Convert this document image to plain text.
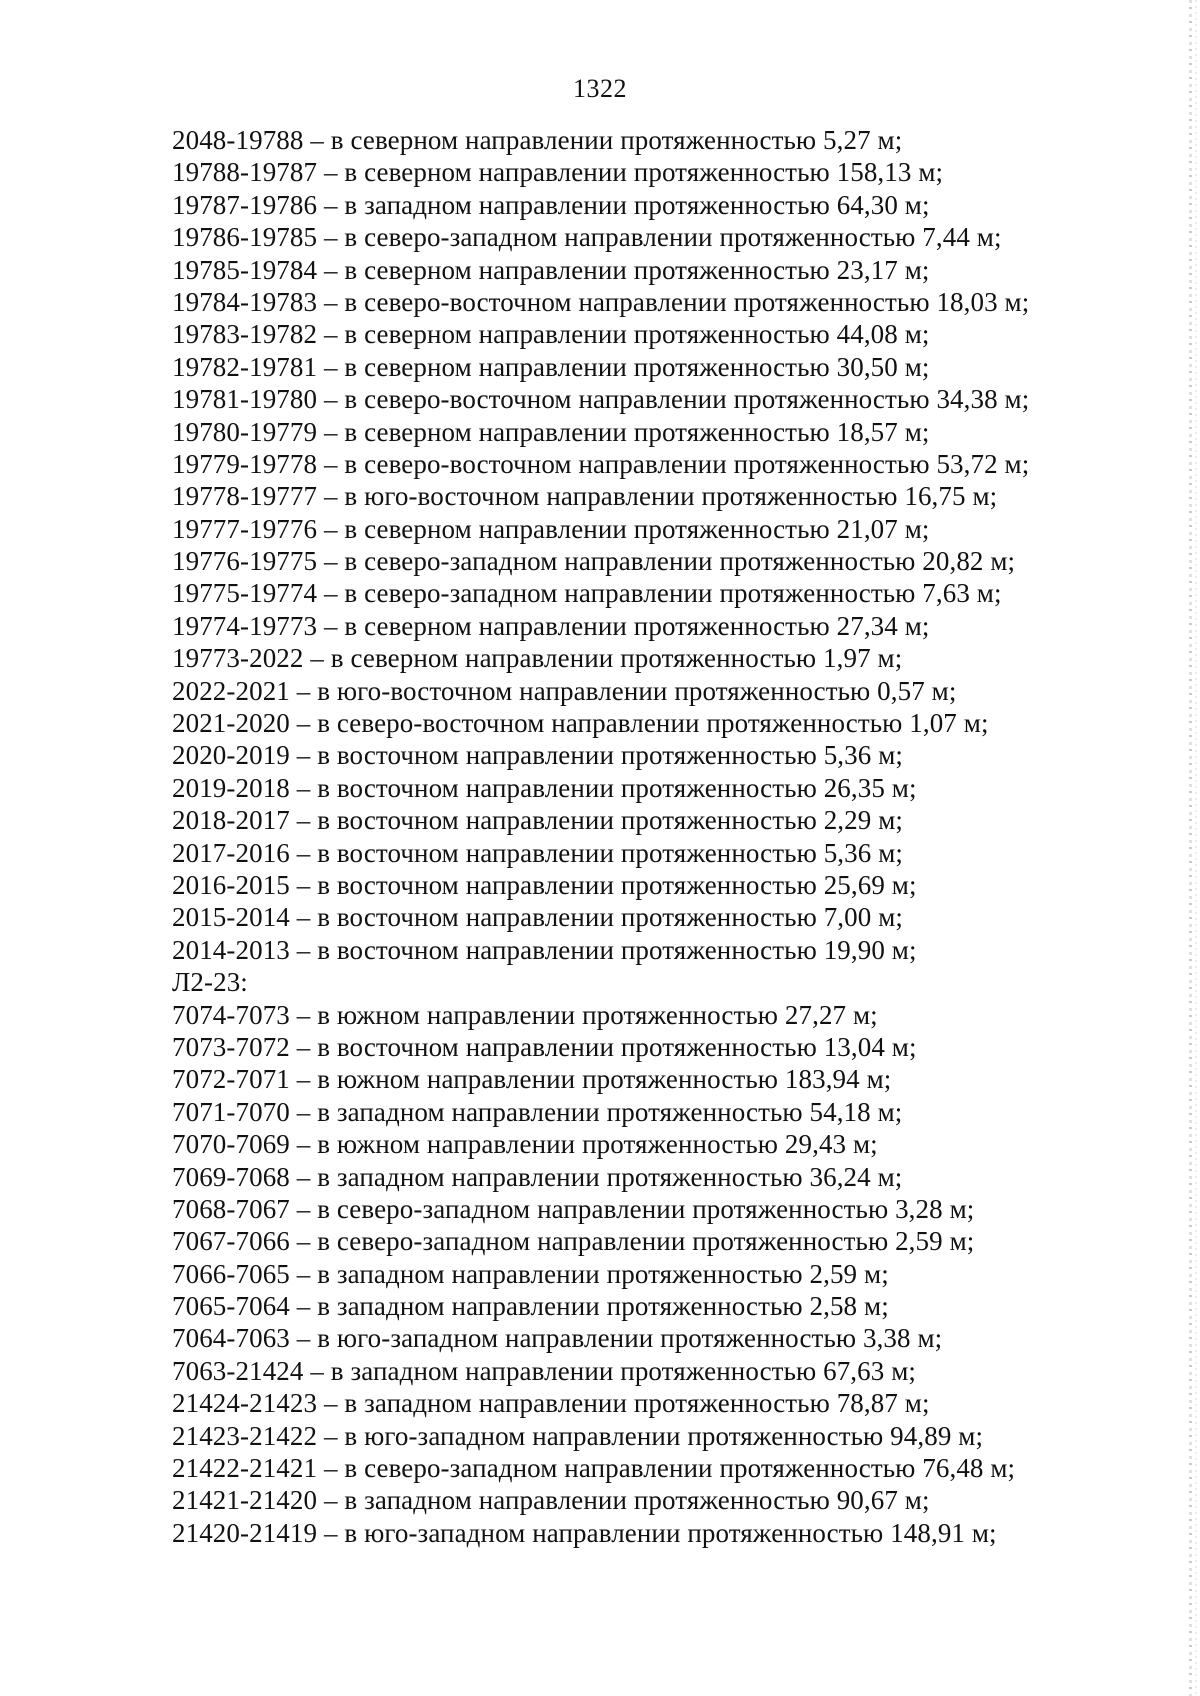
1322
2048-19788 – в северном направлении протяженностью 5,27 м;
19788-19787 – в северном направлении протяженностью 158,13 м;
19787-19786 – в западном направлении протяженностью 64,30 м;
19786-19785 – в северо-западном направлении протяженностью 7,44 м;
19785-19784 – в северном направлении протяженностью 23,17 м;
19784-19783 – в северо-восточном направлении протяженностью 18,03 м;
19783-19782 – в северном направлении протяженностью 44,08 м;
19782-19781 – в северном направлении протяженностью 30,50 м;
19781-19780 – в северо-восточном направлении протяженностью 34,38 м;
19780-19779 – в северном направлении протяженностью 18,57 м;
19779-19778 – в северо-восточном направлении протяженностью 53,72 м;
19778-19777 – в юго-восточном направлении протяженностью 16,75 м;
19777-19776 – в северном направлении протяженностью 21,07 м;
19776-19775 – в северо-западном направлении протяженностью 20,82 м;
19775-19774 – в северо-западном направлении протяженностью 7,63 м;
19774-19773 – в северном направлении протяженностью 27,34 м;
19773-2022 – в северном направлении протяженностью 1,97 м;
2022-2021 – в юго-восточном направлении протяженностью 0,57 м;
2021-2020 – в северо-восточном направлении протяженностью 1,07 м;
2020-2019 – в восточном направлении протяженностью 5,36 м;
2019-2018 – в восточном направлении протяженностью 26,35 м;
2018-2017 – в восточном направлении протяженностью 2,29 м;
2017-2016 – в восточном направлении протяженностью 5,36 м;
2016-2015 – в восточном направлении протяженностью 25,69 м;
2015-2014 – в восточном направлении протяженностью 7,00 м;
2014-2013 – в восточном направлении протяженностью 19,90 м;
Л2-23:
7074-7073 – в южном направлении протяженностью 27,27 м;
7073-7072 – в восточном направлении протяженностью 13,04 м;
7072-7071 – в южном направлении протяженностью 183,94 м;
7071-7070 – в западном направлении протяженностью 54,18 м;
7070-7069 – в южном направлении протяженностью 29,43 м;
7069-7068 – в западном направлении протяженностью 36,24 м;
7068-7067 – в северо-западном направлении протяженностью 3,28 м;
7067-7066 – в северо-западном направлении протяженностью 2,59 м;
7066-7065 – в западном направлении протяженностью 2,59 м;
7065-7064 – в западном направлении протяженностью 2,58 м;
7064-7063 – в юго-западном направлении протяженностью 3,38 м;
7063-21424 – в западном направлении протяженностью 67,63 м;
21424-21423 – в западном направлении протяженностью 78,87 м;
21423-21422 – в юго-западном направлении протяженностью 94,89 м;
21422-21421 – в северо-западном направлении протяженностью 76,48 м;
21421-21420 – в западном направлении протяженностью 90,67 м;
21420-21419 – в юго-западном направлении протяженностью 148,91 м;
